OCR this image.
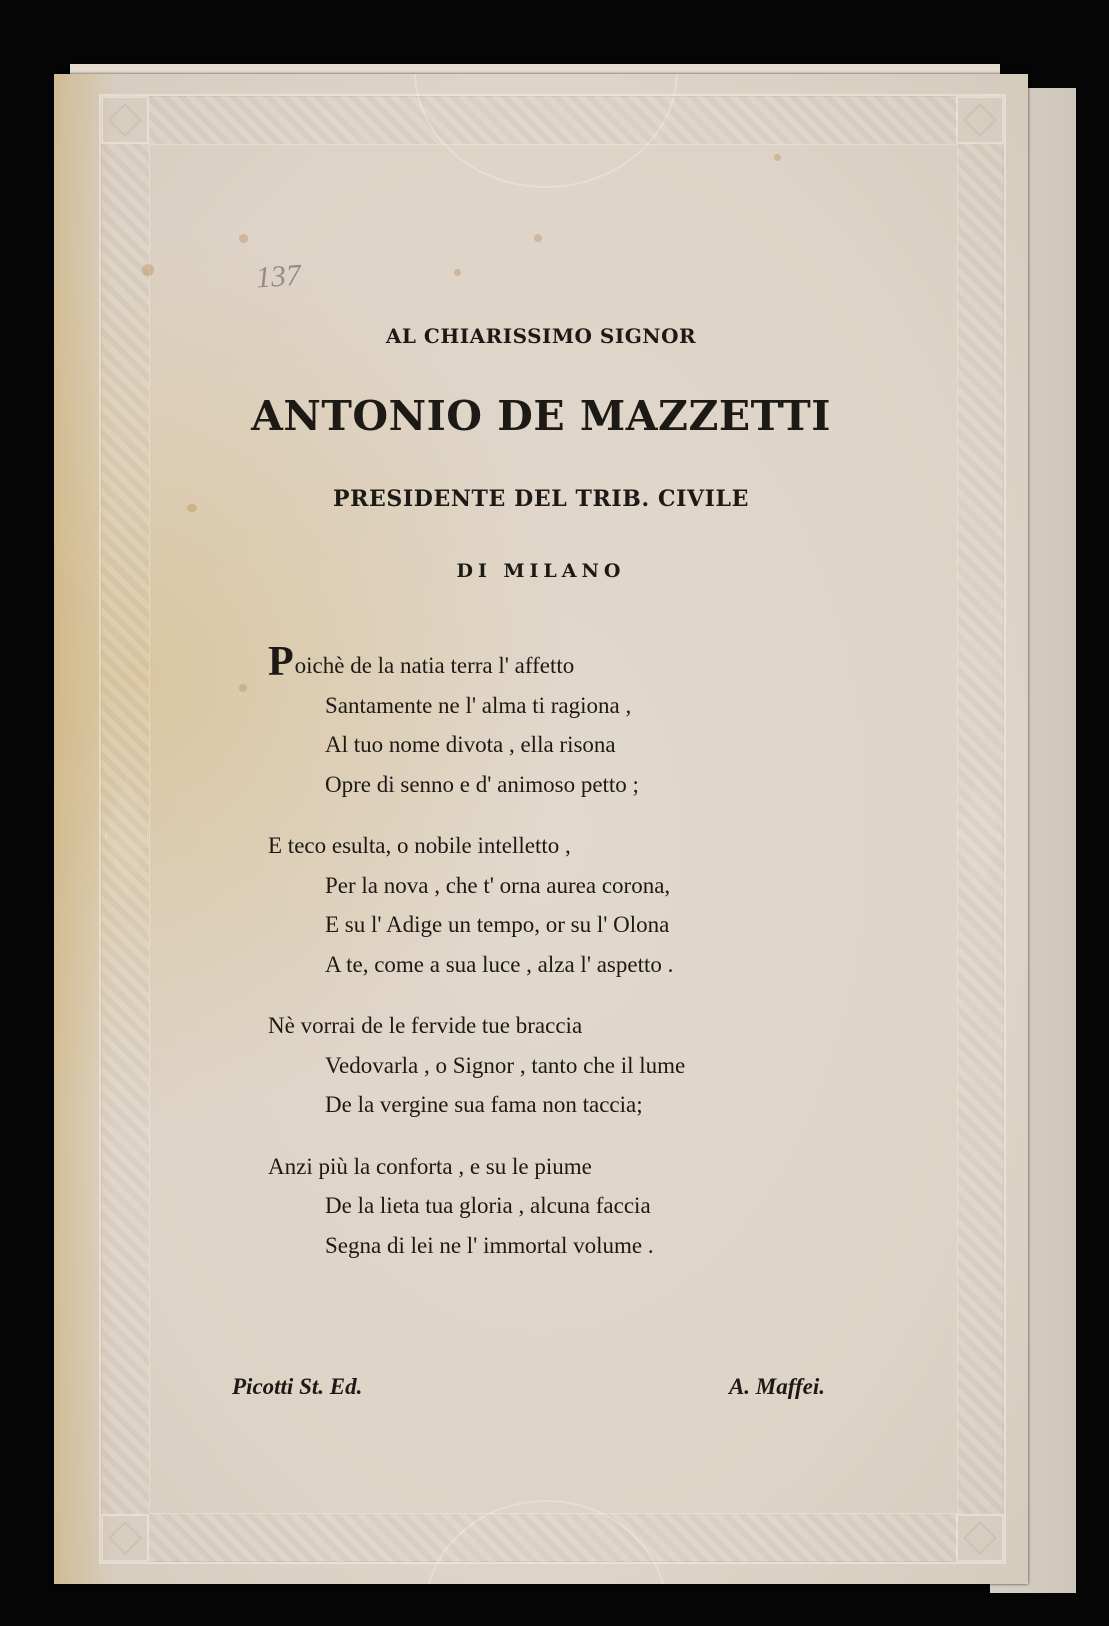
137
AL CHIARISSIMO SIGNOR
ANTONIO DE MAZZETTI
PRESIDENTE DEL TRIB. CIVILE
DI MILANO
Poichè de la natia terra l' affetto
Santamente ne l' alma ti ragiona ,
Al tuo nome divota , ella risona
Opre di senno e d' animoso petto ;
E teco esulta, o nobile intelletto ,
Per la nova , che t' orna aurea corona,
E su l' Adige un tempo, or su l' Olona
A te, come a sua luce , alza l' aspetto .
Nè vorrai de le fervide tue braccia
Vedovarla , o Signor , tanto che il lume
De la vergine sua fama non taccia;
Anzi più la conforta , e su le piume
De la lieta tua gloria , alcuna faccia
Segna di lei ne l' immortal volume .
Picotti St. Ed.	A. Maffei.
